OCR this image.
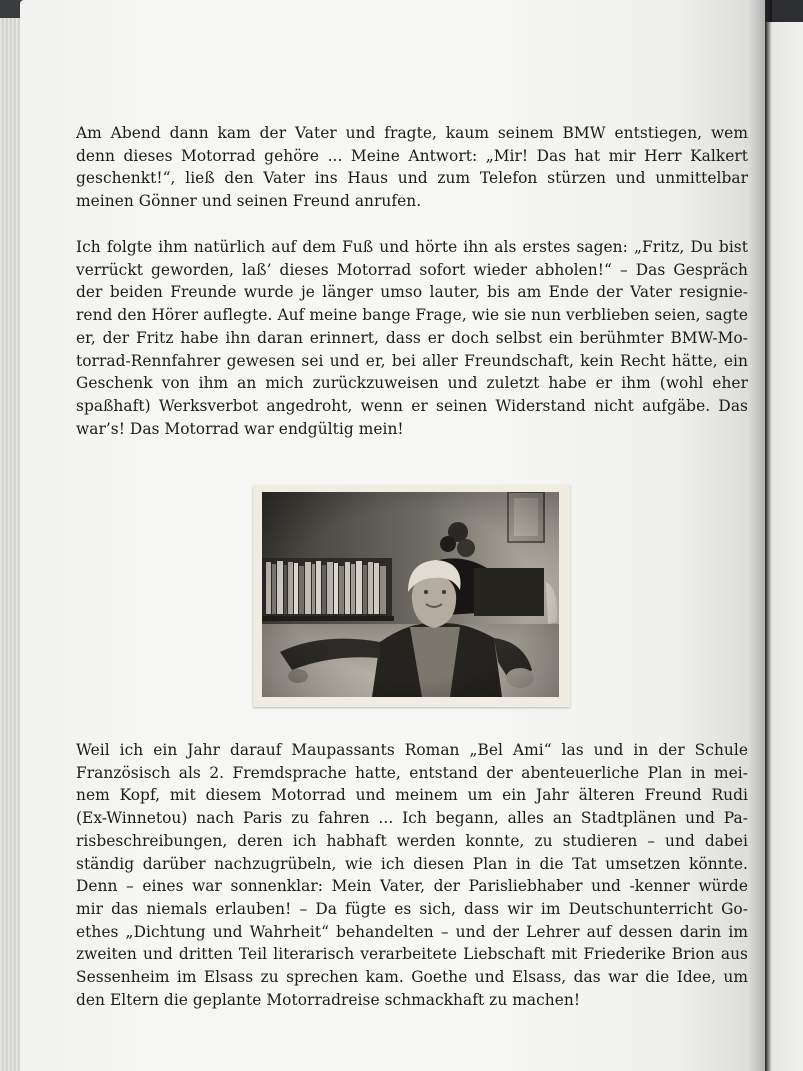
Am Abend dann kam der Vater und fragte, kaum seinem BMW entstiegen, wem
denn dieses Motorrad gehöre ... Meine Antwort: „Mir! Das hat mir Herr Kalkert
geschenkt!“, ließ den Vater ins Haus und zum Telefon stürzen und unmittelbar
meinen Gönner und seinen Freund anrufen.

Ich folgte ihm natürlich auf dem Fuß und hörte ihn als erstes sagen: „Fritz, Du bist
verrückt geworden, laß’ dieses Motorrad sofort wieder abholen!“ – Das Gespräch
der beiden Freunde wurde je länger umso lauter, bis am Ende der Vater resignie-
rend den Hörer auflegte. Auf meine bange Frage, wie sie nun verblieben seien, sagte
er, der Fritz habe ihn daran erinnert, dass er doch selbst ein berühmter BMW-Mo-
torrad-Rennfahrer gewesen sei und er, bei aller Freundschaft, kein Recht hätte, ein
Geschenk von ihm an mich zurückzuweisen und zuletzt habe er ihm (wohl eher
spaßhaft) Werksverbot angedroht, wenn er seinen Widerstand nicht aufgäbe. Das
war’s! Das Motorrad war endgültig mein!

Weil ich ein Jahr darauf Maupassants Roman „Bel Ami“ las und in der Schule
Französisch als 2. Fremdsprache hatte, entstand der abenteuerliche Plan in mei-
nem Kopf, mit diesem Motorrad und meinem um ein Jahr älteren Freund Rudi
(Ex-Winnetou) nach Paris zu fahren ... Ich begann, alles an Stadtplänen und Pa-
risbeschreibungen, deren ich habhaft werden konnte, zu studieren – und dabei
ständig darüber nachzugrübeln, wie ich diesen Plan in die Tat umsetzen könnte.
Denn – eines war sonnenklar: Mein Vater, der Parisliebhaber und -kenner würde
mir das niemals erlauben! – Da fügte es sich, dass wir im Deutschunterricht Go-
ethes „Dichtung und Wahrheit“ behandelten – und der Lehrer auf dessen darin im
zweiten und dritten Teil literarisch verarbeitete Liebschaft mit Friederike Brion aus
Sessenheim im Elsass zu sprechen kam. Goethe und Elsass, das war die Idee, um
den Eltern die geplante Motorradreise schmackhaft zu machen!
